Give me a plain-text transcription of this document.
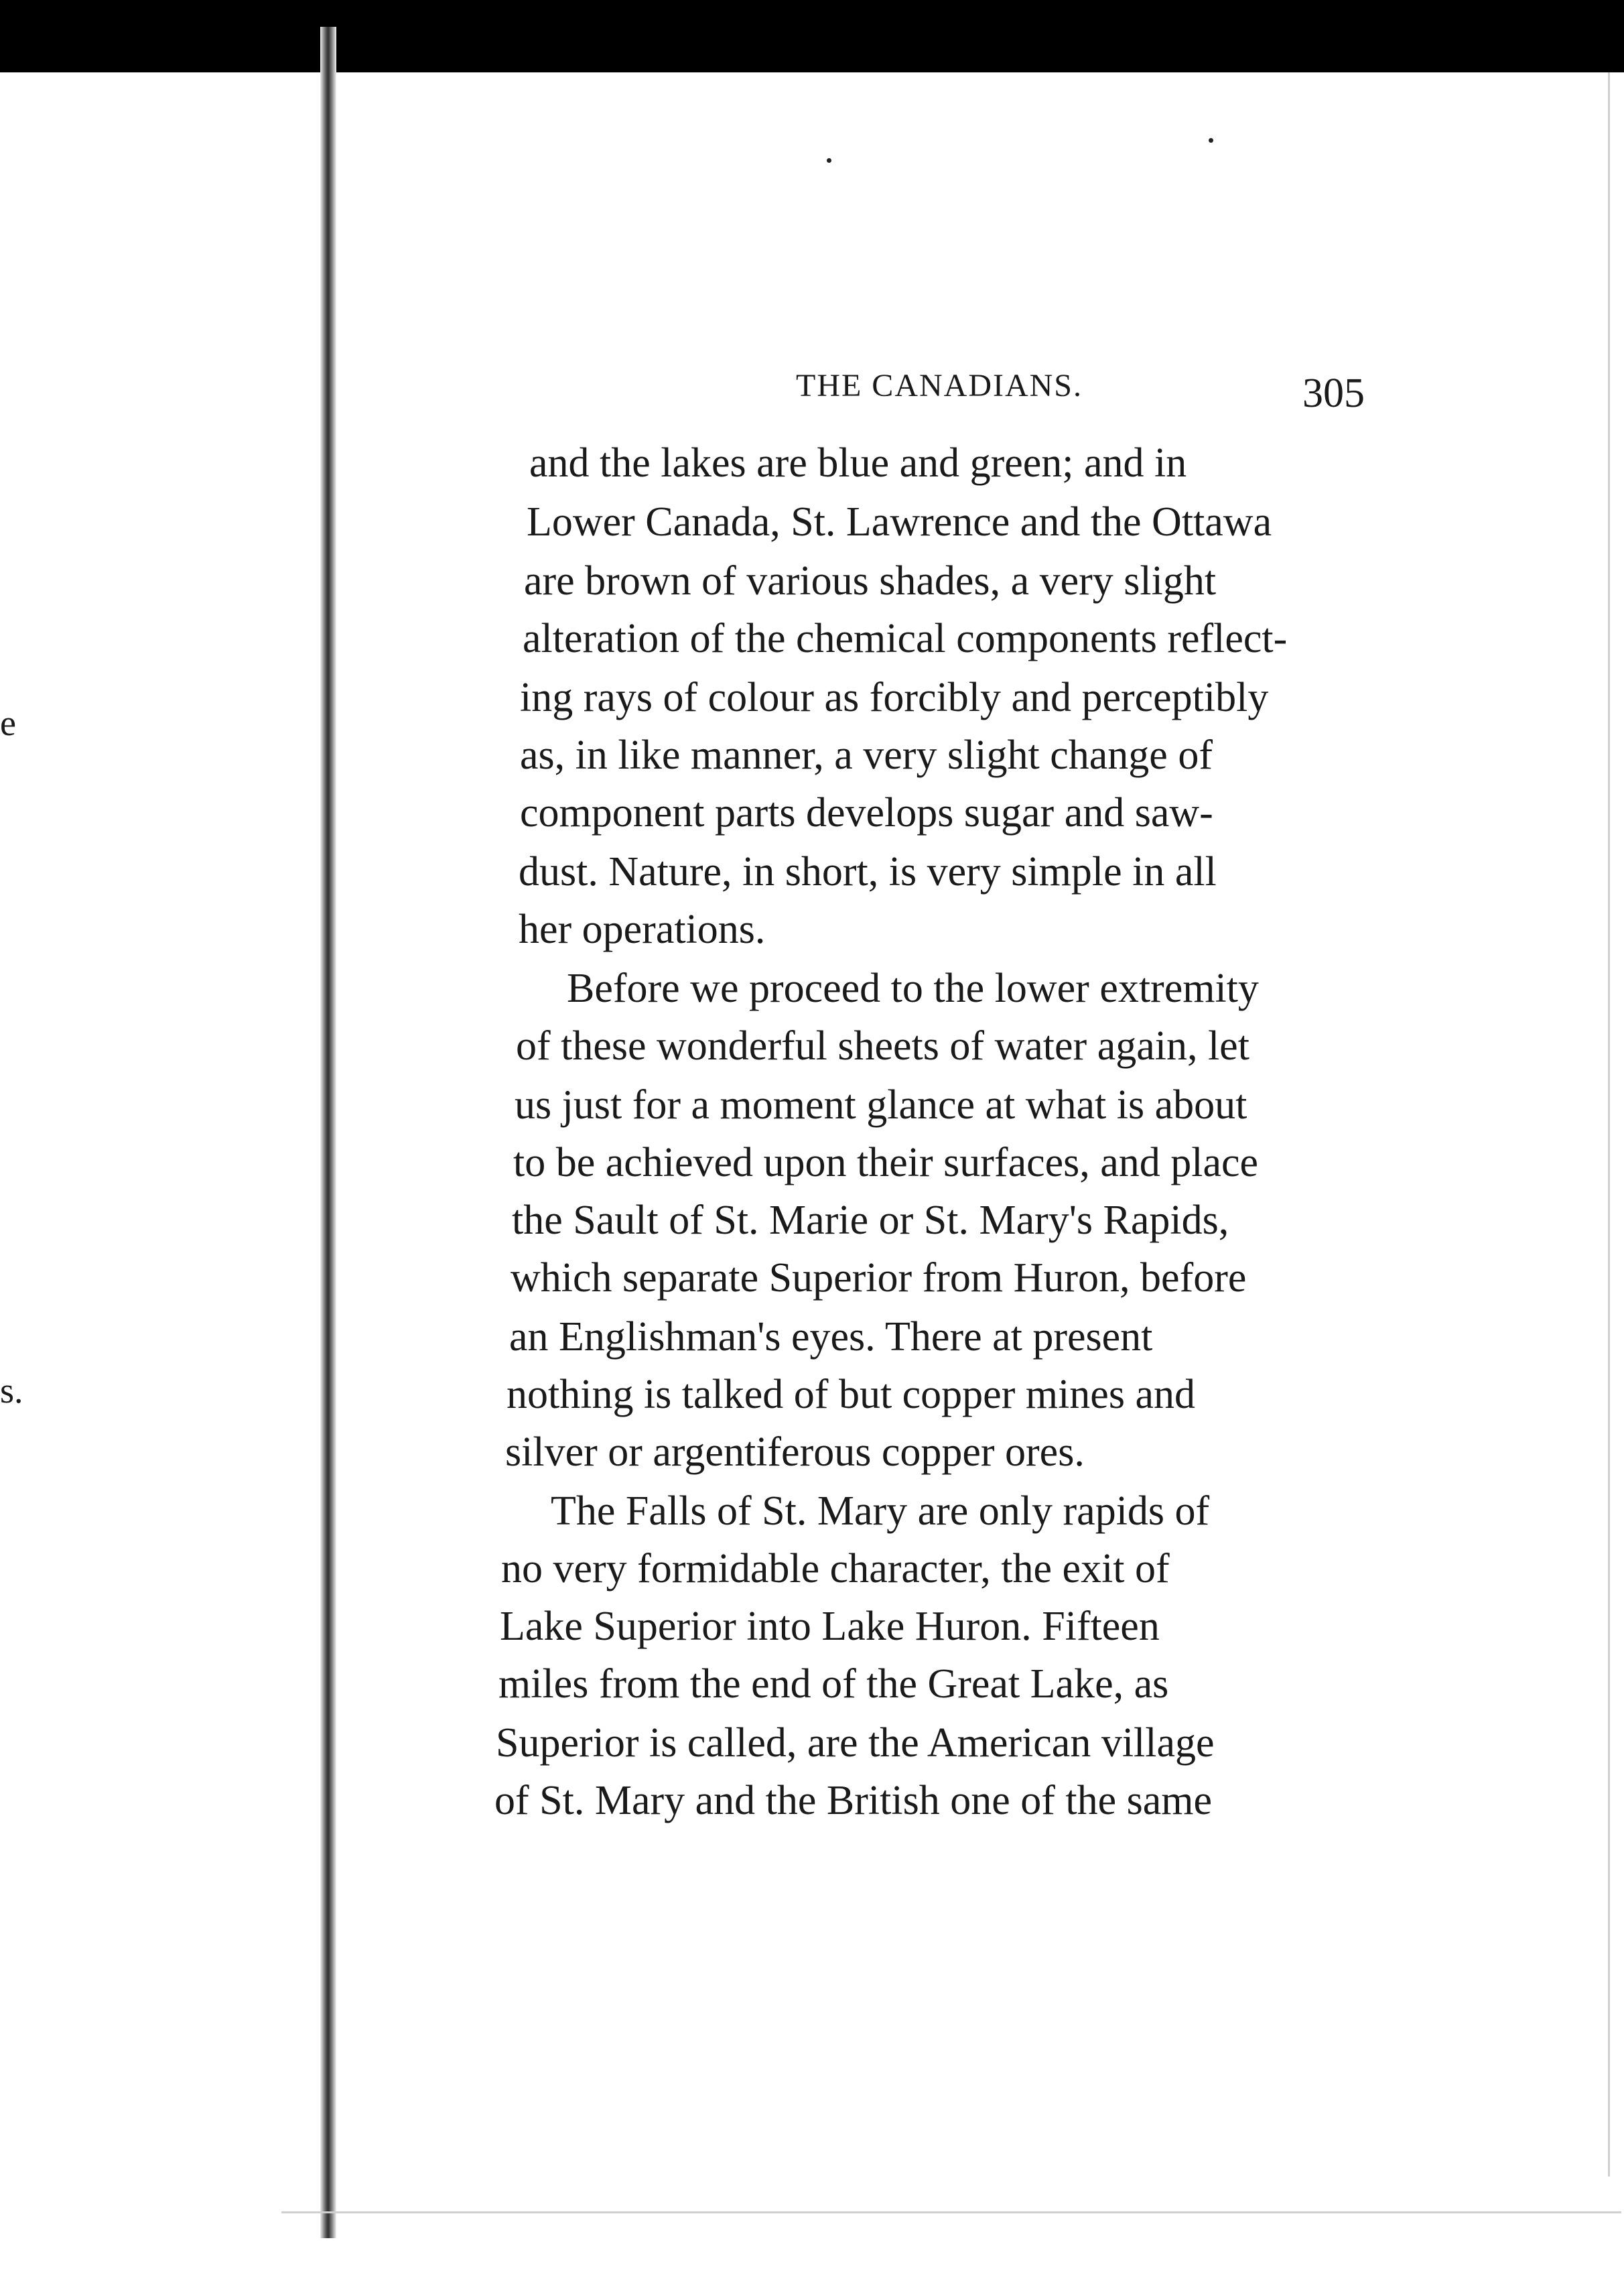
e
s.
THE CANADIANS.	305
and the lakes are blue and green; and in
Lower Canada, St. Lawrence and the Ottawa
are brown of various shades, a very slight
alteration of the chemical components reflect-
ing rays of colour as forcibly and perceptibly
as, in like manner, a very slight change of
component parts develops sugar and saw-
dust. Nature, in short, is very simple in all
her operations.
Before we proceed to the lower extremity
of these wonderful sheets of water again, let
us just for a moment glance at what is about
to be achieved upon their surfaces, and place
the Sault of St. Marie or St. Mary's Rapids,
which separate Superior from Huron, before
an Englishman's eyes. There at present
nothing is talked of but copper mines and
silver or argentiferous copper ores.
The Falls of St. Mary are only rapids of
no very formidable character, the exit of
Lake Superior into Lake Huron. Fifteen
miles from the end of the Great Lake, as
Superior is called, are the American village
of St. Mary and the British one of the same
